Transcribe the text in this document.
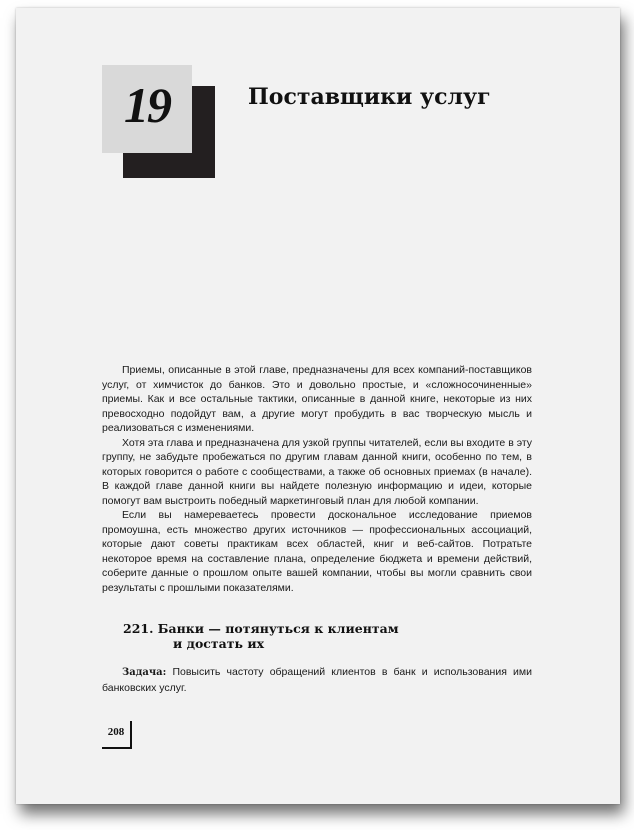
19	Поставщики услуг

Приемы, описанные в этой главе, предназначены для всех компаний-поставщиков услуг, от химчисток до банков. Это и довольно простые, и «сложносочиненные» приемы. Как и все остальные тактики, описанные в данной книге, некоторые из них превосходно подойдут вам, а другие могут пробудить в вас творческую мысль и реализоваться с изменениями.

Хотя эта глава и предназначена для узкой группы читателей, если вы входите в эту группу, не забудьте пробежаться по другим главам данной книги, особенно по тем, в которых говорится о работе с сообществами, а также об основных приемах (в начале). В каждой главе данной книги вы найдете полезную информацию и идеи, которые помогут вам выстроить победный маркетинговый план для любой компании.

Если вы намереваетесь провести доскональное исследование приемов промоушна, есть множество других источников — профессиональных ассоциаций, которые дают советы практикам всех областей, книг и веб-сайтов. Потратьте некоторое время на составление плана, определение бюджета и времени действий, соберите данные о прошлом опыте вашей компании, чтобы вы могли сравнить свои результаты с прошлыми показателями.

221. Банки — потянуться к клиентам
и достать их

Задача: Повысить частоту обращений клиентов в банк и использования ими банковских услуг.

208
